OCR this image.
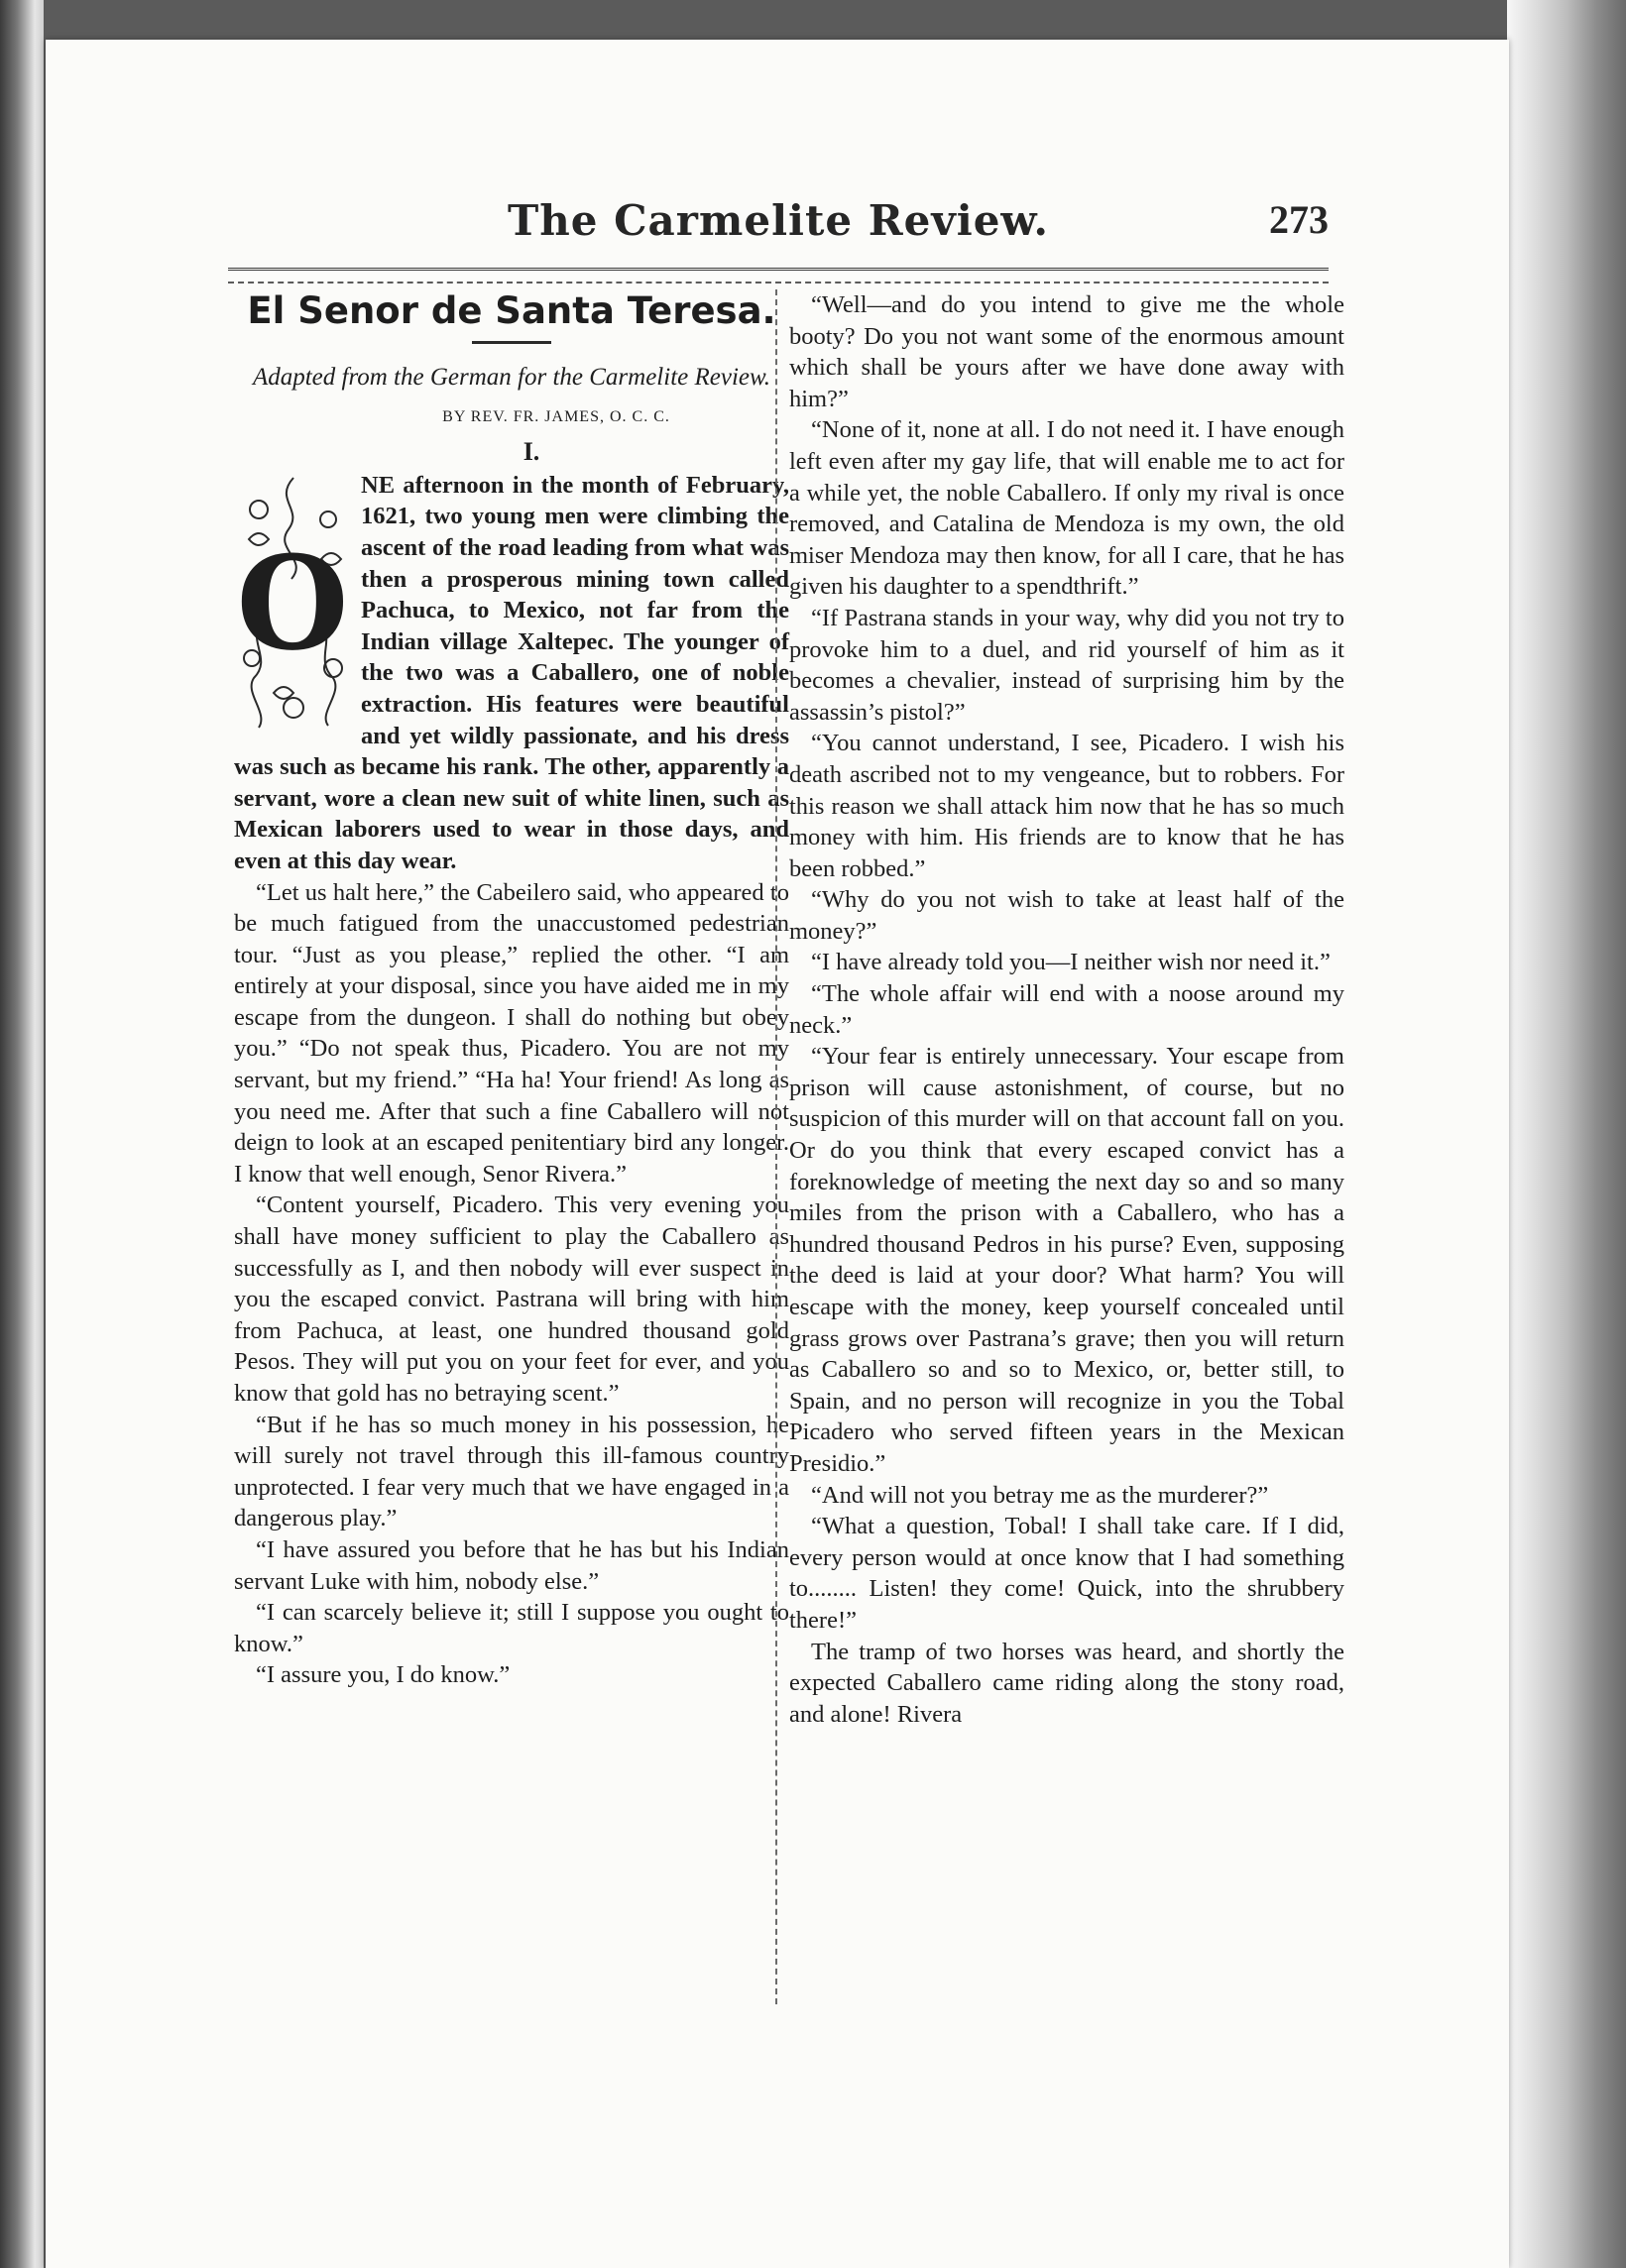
The Carmelite Review.	273
El Senor de Santa Teresa.
Adapted from the German for the Carmelite Review.
BY REV. FR. JAMES, O. C. C.
I.

O
NE afternoon in the month of February, 1621, two young men were climbing the ascent of the road leading from what was then a prosperous mining town called Pachuca, to Mexico, not far from the Indian village Xaltepec. The younger of the two was a Caballero, one of noble extraction. His features were beautiful and yet wildly passionate, and his dress was such as became his rank. The other, apparently a servant, wore a clean new suit of white linen, such as Mexican laborers used to wear in those days, and even at this day wear.

“Let us halt here,” the Cabeilero said, who appeared to be much fatigued from the unaccustomed pedestrian tour. “Just as you please,” replied the other. “I am entirely at your disposal, since you have aided me in my escape from the dungeon. I shall do nothing but obey you.” “Do not speak thus, Picadero. You are not my servant, but my friend.” “Ha ha! Your friend! As long as you need me. After that such a fine Caballero will not deign to look at an escaped penitentiary bird any longer. I know that well enough, Senor Rivera.”

“Content yourself, Picadero. This very evening you shall have money sufficient to play the Caballero as successfully as I, and then nobody will ever suspect in you the escaped convict. Pastrana will bring with him from Pachuca, at least, one hundred thousand gold Pesos. They will put you on your feet for ever, and you know that gold has no betraying scent.”

“But if he has so much money in his possession, he will surely not travel through this ill-famous country unprotected. I fear very much that we have engaged in a dangerous play.”

“I have assured you before that he has but his Indian servant Luke with him, nobody else.”

“I can scarcely believe it; still I suppose you ought to know.”

“I assure you, I do know.”

“Well—and do you intend to give me the whole booty? Do you not want some of the enormous amount which shall be yours after we have done away with him?”

“None of it, none at all. I do not need it. I have enough left even after my gay life, that will enable me to act for a while yet, the noble Caballero. If only my rival is once removed, and Catalina de Mendoza is my own, the old miser Mendoza may then know, for all I care, that he has given his daughter to a spendthrift.”

“If Pastrana stands in your way, why did you not try to provoke him to a duel, and rid yourself of him as it becomes a chevalier, instead of surprising him by the assassin’s pistol?”

“You cannot understand, I see, Picadero. I wish his death ascribed not to my vengeance, but to robbers. For this reason we shall attack him now that he has so much money with him. His friends are to know that he has been robbed.”

“Why do you not wish to take at least half of the money?”

“I have already told you—I neither wish nor need it.”

“The whole affair will end with a noose around my neck.”

“Your fear is entirely unnecessary. Your escape from prison will cause astonishment, of course, but no suspicion of this murder will on that account fall on you. Or do you think that every escaped convict has a foreknowledge of meeting the next day so and so many miles from the prison with a Caballero, who has a hundred thousand Pedros in his purse? Even, supposing the deed is laid at your door? What harm? You will escape with the money, keep yourself concealed until grass grows over Pastrana’s grave; then you will return as Caballero so and so to Mexico, or, better still, to Spain, and no person will recognize in you the Tobal Picadero who served fifteen years in the Mexican Presidio.”

“And will not you betray me as the murderer?”

“What a question, Tobal! I shall take care. If I did, every person would at once know that I had something to........ Listen! they come! Quick, into the shrubbery there!”

The tramp of two horses was heard, and shortly the expected Caballero came riding along the stony road, and alone! Rivera
